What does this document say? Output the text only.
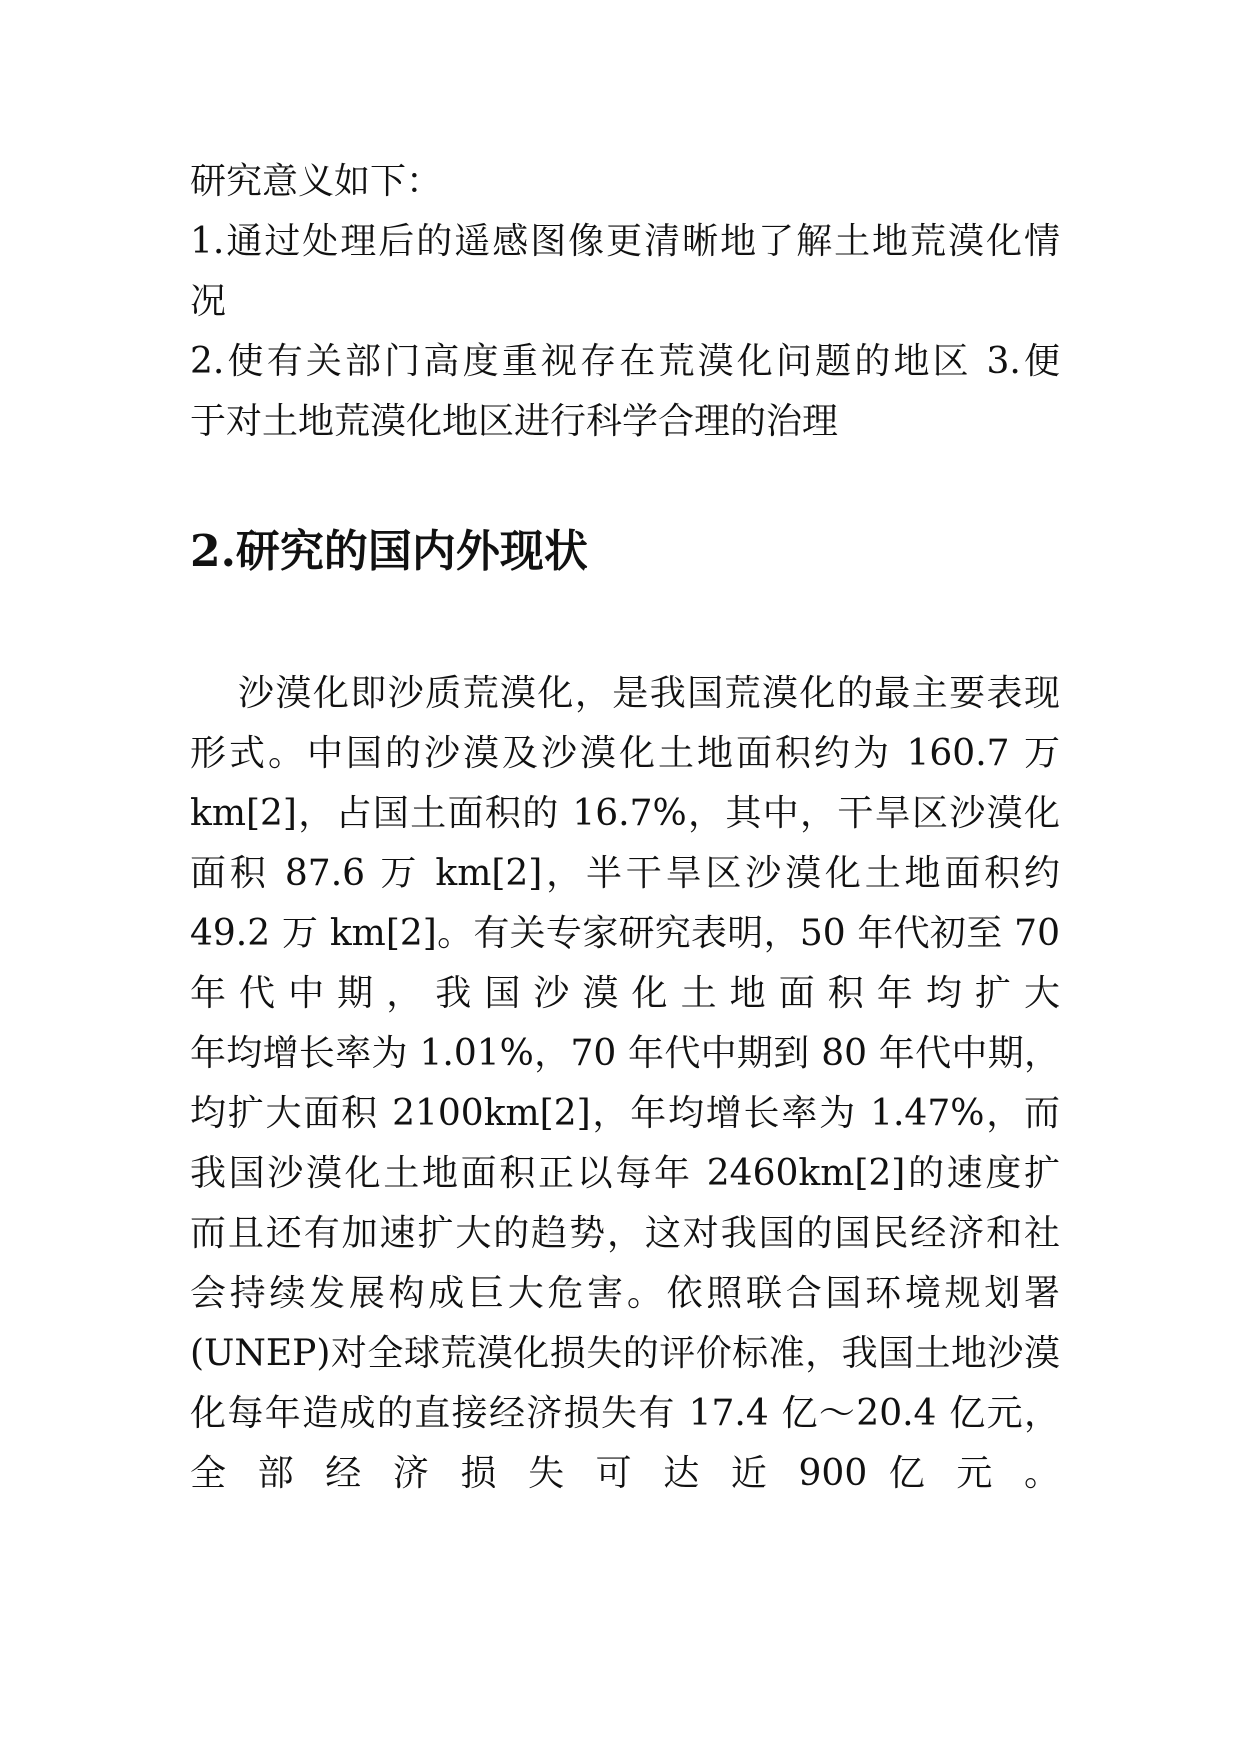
研究意义如下：
1.通过处理后的遥感图像更清晰地了解土地荒漠化情
况
2.使有关部门高度重视存在荒漠化问题的地区 3.便
于对土地荒漠化地区进行科学合理的治理
2.研究的国内外现状
沙漠化即沙质荒漠化，是我国荒漠化的最主要表现
形式。中国的沙漠及沙漠化土地面积约为 160.7 万
km[2]，占国土面积的 16.7%，其中，干旱区沙漠化
面积 87.6 万 km[2]，半干旱区沙漠化土地面积约
49.2 万 km[2]。有关专家研究表明，50 年代初至 70
年代中期，我国沙漠化土地面积年均扩大
年均增长率为 1.01%，70 年代中期到 80 年代中期，
均扩大面积 2100km[2]，年均增长率为 1.47%，而
我国沙漠化土地面积正以每年 2460km[2]的速度扩
而且还有加速扩大的趋势，这对我国的国民经济和社
会持续发展构成巨大危害。依照联合国环境规划署
(UNEP)对全球荒漠化损失的评价标准，我国土地沙漠
化每年造成的直接经济损失有 17.4 亿～20.4 亿元，
全 部 经 济 损 失 可 达 近 900 亿 元 。
